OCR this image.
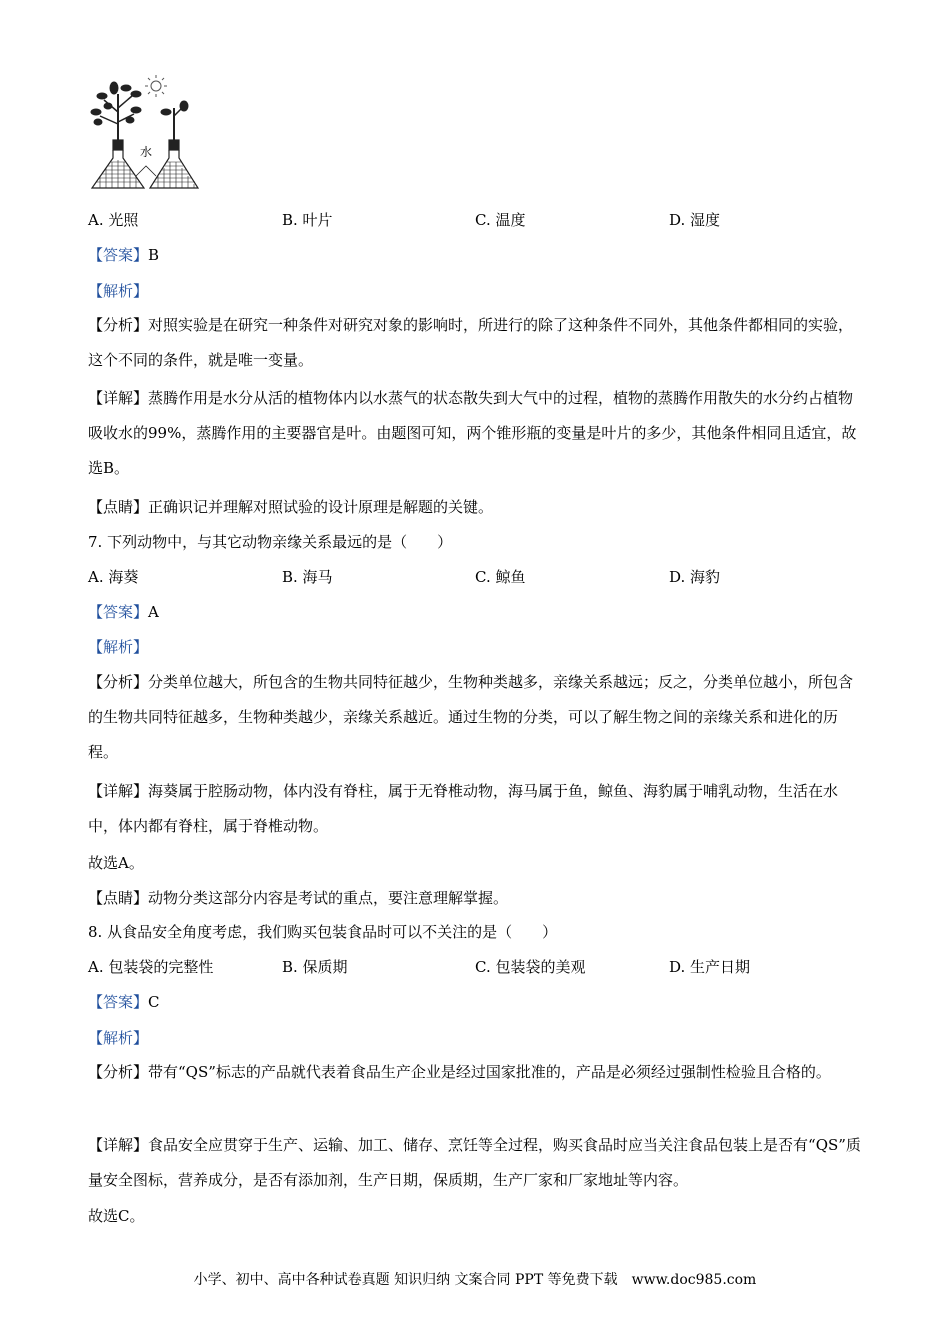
水
A. 光照	B. 叶片	C. 温度	D. 湿度
【答案】B
【解析】
【分析】对照实验是在研究一种条件对研究对象的影响时，所进行的除了这种条件不同外，其他条件都相同的实验，这个不同的条件，就是唯一变量。
【详解】蒸腾作用是水分从活的植物体内以水蒸气的状态散失到大气中的过程，植物的蒸腾作用散失的水分约占植物吸收水的99%，蒸腾作用的主要器官是叶。由题图可知，两个锥形瓶的变量是叶片的多少，其他条件相同且适宜，故选B。
【点睛】正确识记并理解对照试验的设计原理是解题的关键。
7. 下列动物中，与其它动物亲缘关系最远的是（　　）
A. 海葵	B. 海马	C. 鲸鱼	D. 海豹
【答案】A
【解析】
【分析】分类单位越大，所包含的生物共同特征越少，生物种类越多，亲缘关系越远；反之，分类单位越小，所包含的生物共同特征越多，生物种类越少，亲缘关系越近。通过生物的分类，可以了解生物之间的亲缘关系和进化的历程。
【详解】海葵属于腔肠动物，体内没有脊柱，属于无脊椎动物，海马属于鱼，鲸鱼、海豹属于哺乳动物，生活在水中，体内都有脊柱，属于脊椎动物。
故选A。
【点睛】动物分类这部分内容是考试的重点，要注意理解掌握。
8. 从食品安全角度考虑，我们购买包装食品时可以不关注的是（　　）
A. 包装袋的完整性	B. 保质期	C. 包装袋的美观	D. 生产日期
【答案】C
【解析】
【分析】带有“QS”标志的产品就代表着食品生产企业是经过国家批准的，产品是必须经过强制性检验且合格的。
【详解】食品安全应贯穿于生产、运输、加工、储存、烹饪等全过程，购买食品时应当关注食品包装上是否有“QS”质量安全图标，营养成分，是否有添加剂，生产日期，保质期，生产厂家和厂家地址等内容。
故选C。
小学、初中、高中各种试卷真题 知识归纳 文案合同 PPT 等免费下载　www.doc985.com
